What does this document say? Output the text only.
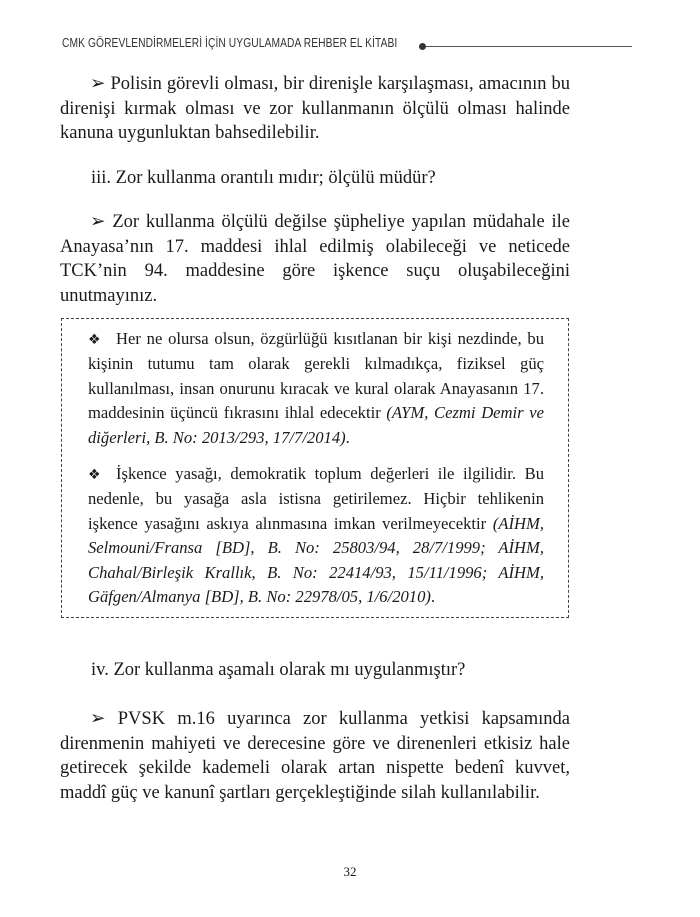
CMK GÖREVLENDİRMELERİ İÇİN UYGULAMADA REHBER EL KİTABI

➢ Polisin görevli olması, bir direnişle karşılaşması, amacının bu direnişi kırmak olması ve zor kullanmanın ölçülü olması halinde kanuna uygunluktan bahsedilebilir.

iii. Zor kullanma orantılı mıdır; ölçülü müdür?

➢ Zor kullanma ölçülü değilse şüpheliye yapılan müdahale ile Anayasa’nın 17. maddesi ihlal edilmiş olabileceği ve neticede TCK’nin 94. maddesine göre işkence suçu oluşabileceğini unutmayınız.

❖ Her ne olursa olsun, özgürlüğü kısıtlanan bir kişi nezdinde, bu kişinin tutumu tam olarak gerekli kılmadıkça, fiziksel güç kullanılması, insan onurunu kıracak ve kural olarak Anayasanın 17. maddesinin üçüncü fıkrasını ihlal edecektir (AYM, Cezmi Demir ve diğerleri, B. No: 2013/293, 17/7/2014).

❖ İşkence yasağı, demokratik toplum değerleri ile ilgilidir. Bu nedenle, bu yasağa asla istisna getirilemez. Hiçbir tehlikenin işkence yasağını askıya alınmasına imkan verilmeyecektir (AİHM, Selmouni/Fransa [BD], B. No: 25803/94, 28/7/1999; AİHM, Chahal/Birleşik Krallık, B. No: 22414/93, 15/11/1996; AİHM, Gäfgen/Almanya [BD], B. No: 22978/05, 1/6/2010).

iv. Zor kullanma aşamalı olarak mı uygulanmıştır?

➢ PVSK m.16 uyarınca zor kullanma yetkisi kapsamında direnmenin mahiyeti ve derecesine göre ve direnenleri etkisiz hale getirecek şekilde kademeli olarak artan nispette bedenî kuvvet, maddî güç ve kanunî şartları gerçekleştiğinde silah kullanılabilir.

32
